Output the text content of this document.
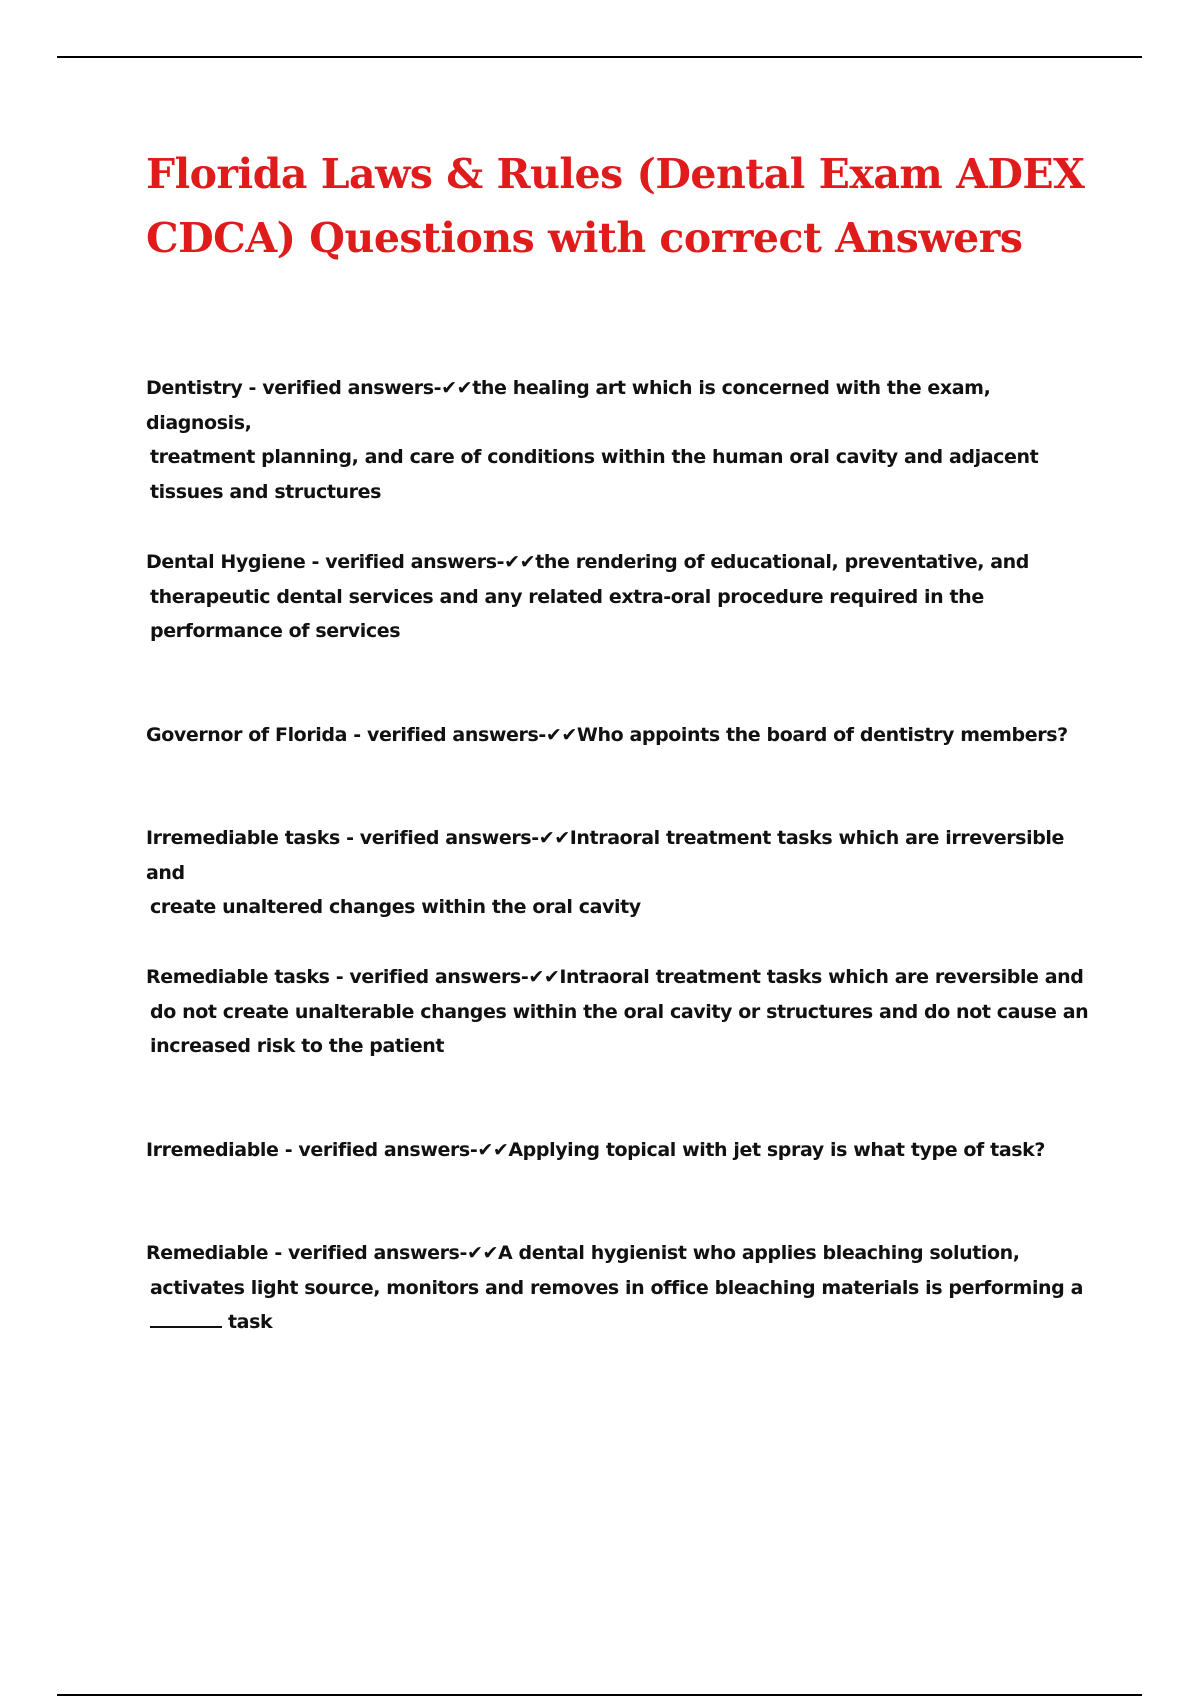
Florida Laws & Rules (Dental Exam ADEX CDCA) Questions with correct Answers
Dentistry - verified answers-✔✔the healing art which is concerned with the exam, diagnosis,
treatment planning, and care of conditions within the human oral cavity and adjacent
tissues and structures
Dental Hygiene - verified answers-✔✔the rendering of educational, preventative, and
therapeutic dental services and any related extra-oral procedure required in the
performance of services
Governor of Florida - verified answers-✔✔Who appoints the board of dentistry members?
Irremediable tasks - verified answers-✔✔Intraoral treatment tasks which are irreversible and
create unaltered changes within the oral cavity
Remediable tasks - verified answers-✔✔Intraoral treatment tasks which are reversible and
do not create unalterable changes within the oral cavity or structures and do not cause an
increased risk to the patient
Irremediable - verified answers-✔✔Applying topical with jet spray is what type of task?
Remediable - verified answers-✔✔A dental hygienist who applies bleaching solution,
activates light source, monitors and removes in office bleaching materials is performing a
task
